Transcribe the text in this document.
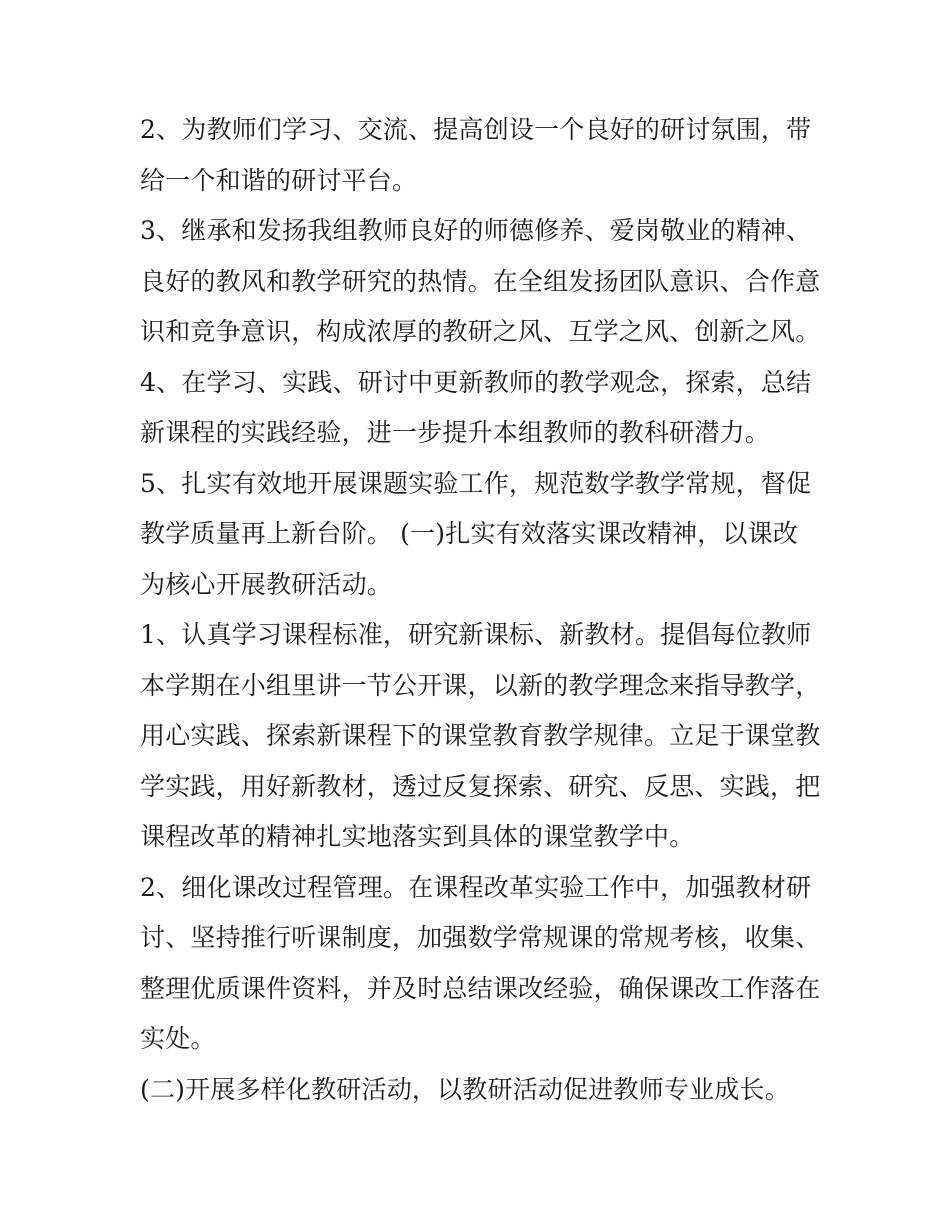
2、为教师们学习、交流、提高创设一个良好的研讨氛围，带
给一个和谐的研讨平台。
3、继承和发扬我组教师良好的师德修养、爱岗敬业的精神、
良好的教风和教学研究的热情。在全组发扬团队意识、合作意
识和竞争意识，构成浓厚的教研之风、互学之风、创新之风。
4、在学习、实践、研讨中更新教师的教学观念，探索，总结
新课程的实践经验，进一步提升本组教师的教科研潜力。
5、扎实有效地开展课题实验工作，规范数学教学常规，督促
教学质量再上新台阶。 (一)扎实有效落实课改精神，以课改
为核心开展教研活动。
1、认真学习课程标准，研究新课标、新教材。提倡每位教师
本学期在小组里讲一节公开课，以新的教学理念来指导教学，
用心实践、探索新课程下的课堂教育教学规律。立足于课堂教
学实践，用好新教材，透过反复探索、研究、反思、实践，把
课程改革的精神扎实地落实到具体的课堂教学中。
2、细化课改过程管理。在课程改革实验工作中，加强教材研
讨、坚持推行听课制度，加强数学常规课的常规考核，收集、
整理优质课件资料，并及时总结课改经验，确保课改工作落在
实处。
(二)开展多样化教研活动，以教研活动促进教师专业成长。
